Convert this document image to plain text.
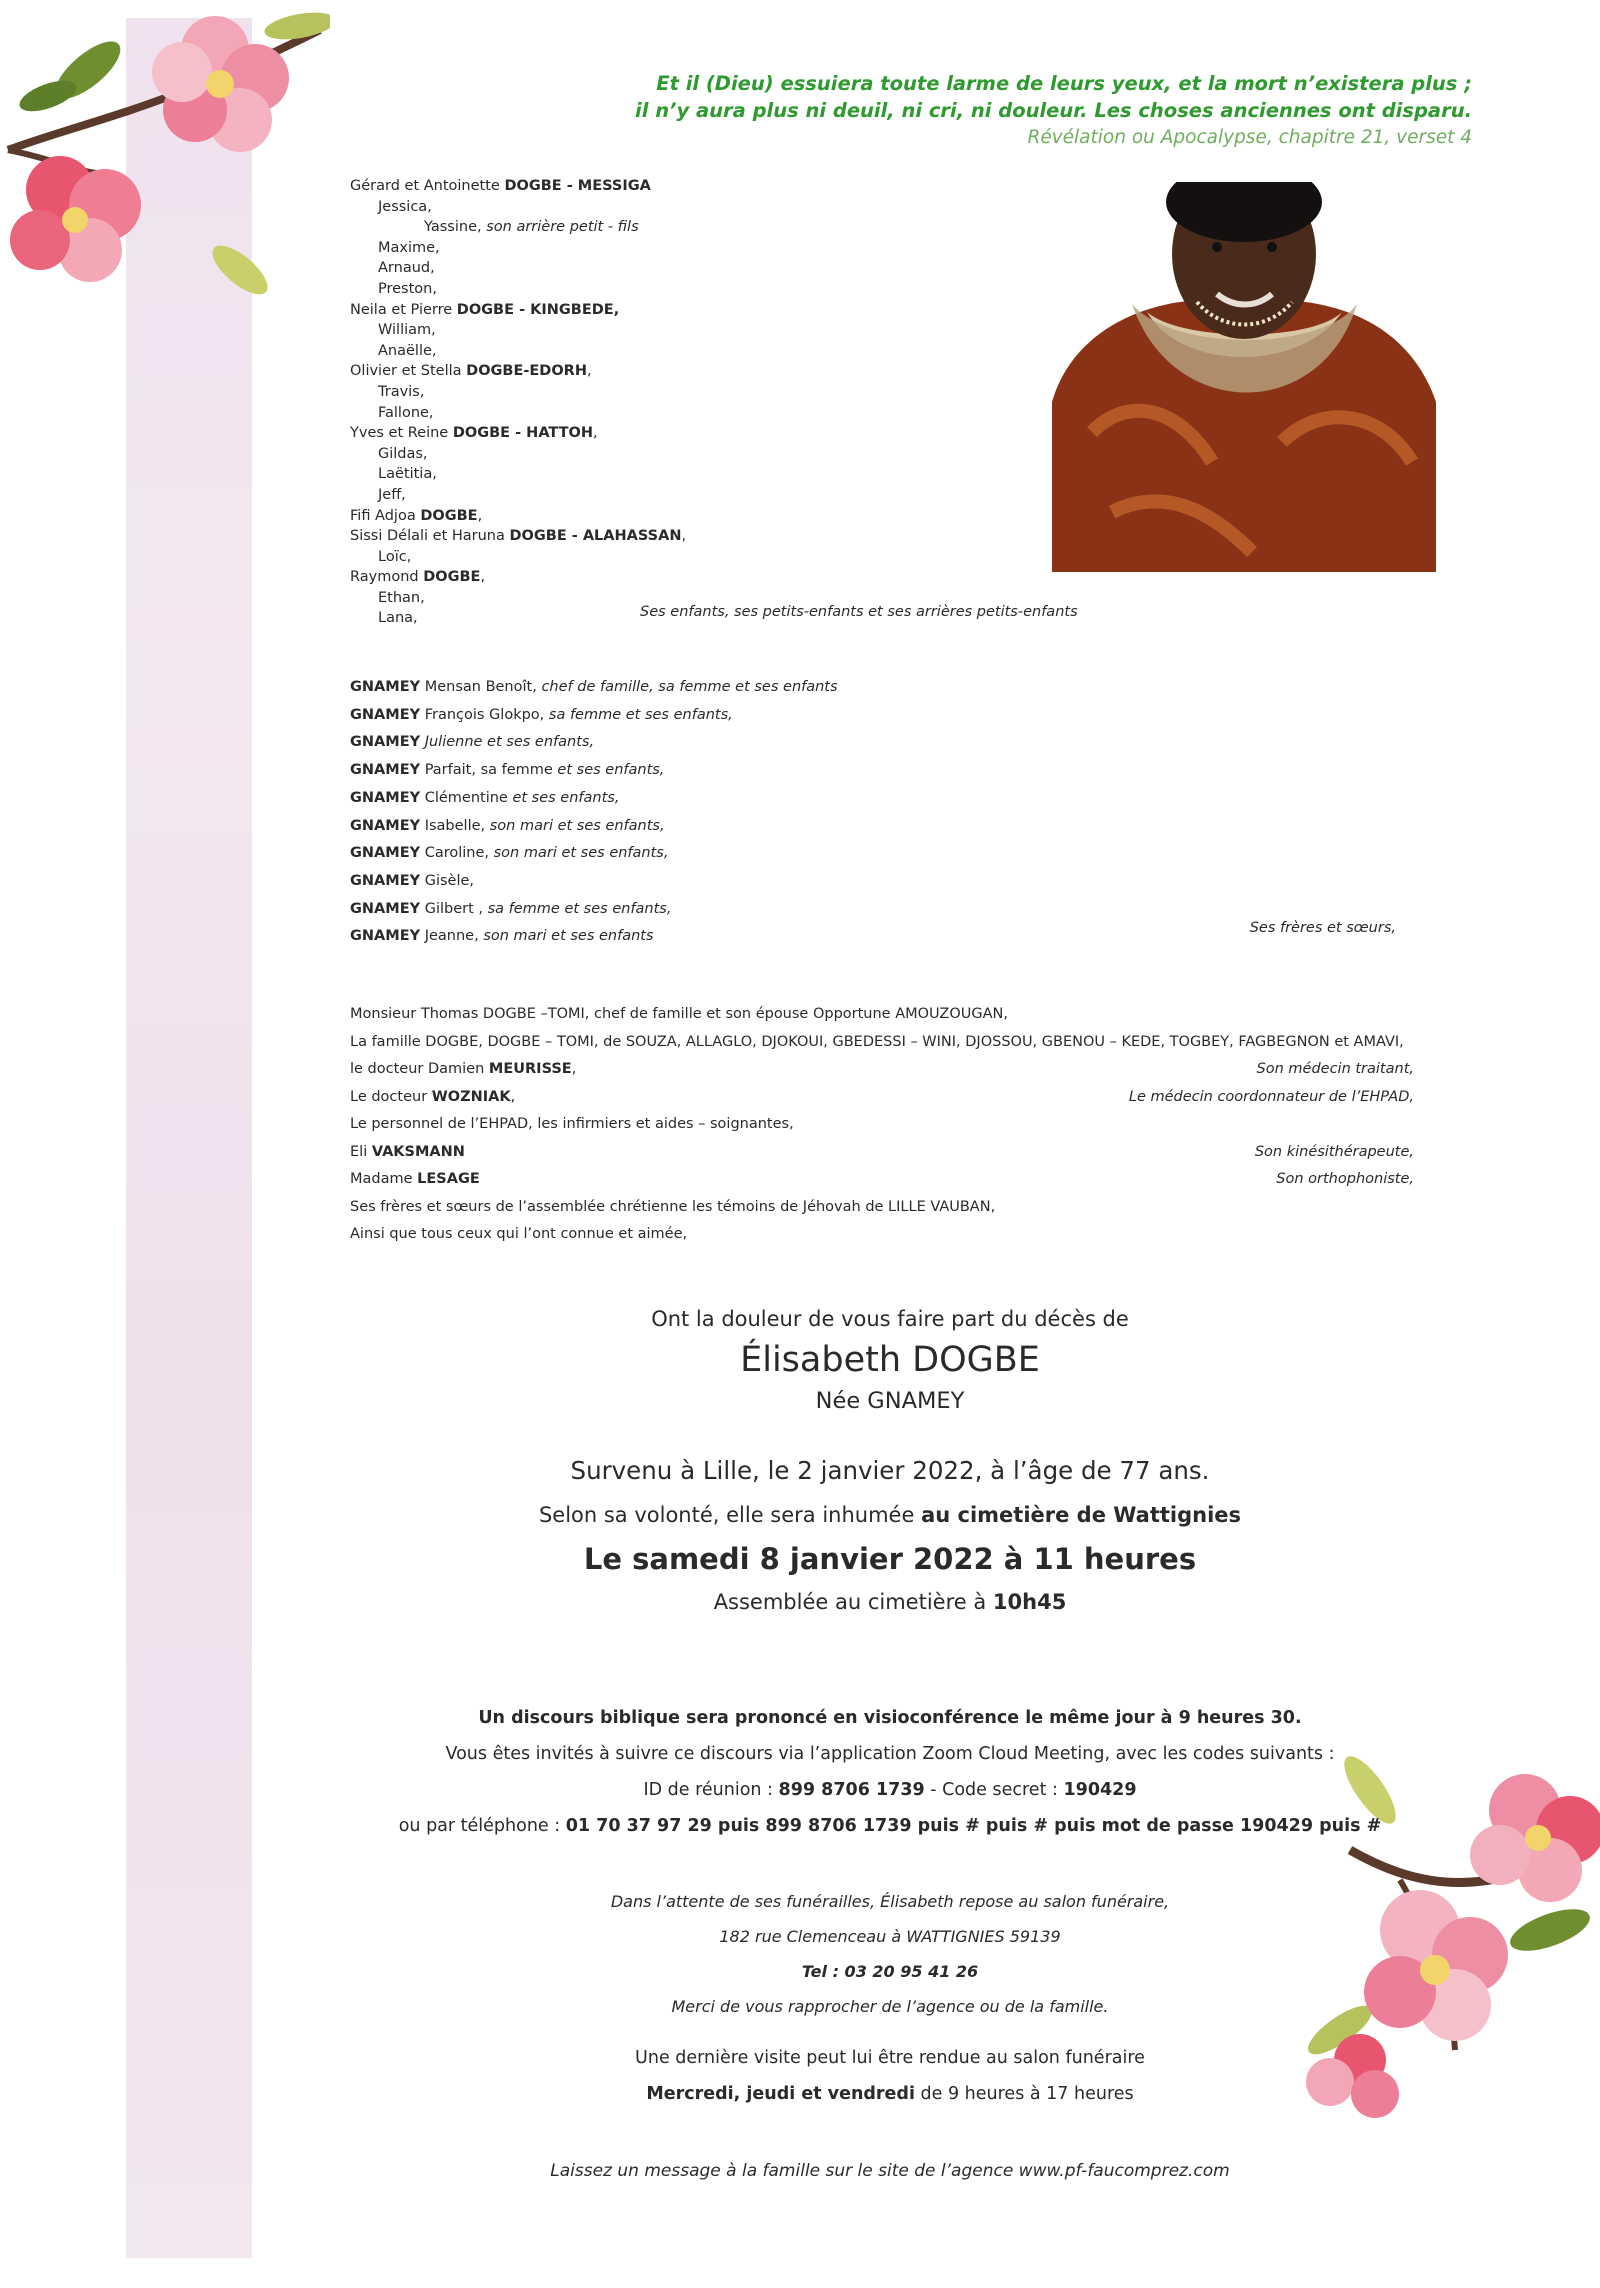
Et il (Dieu) essuiera toute larme de leurs yeux, et la mort n’existera plus ;
il n’y aura plus ni deuil, ni cri, ni douleur. Les choses anciennes ont disparu.
Révélation ou Apocalypse, chapitre 21, verset 4
Gérard et Antoinette DOGBE - MESSIGA
Jessica,
Yassine, son arrière petit - fils
Maxime,
Arnaud,
Preston,
Neila et Pierre DOGBE - KINGBEDE,
William,
Anaëlle,
Olivier et Stella DOGBE-EDORH,
Travis,
Fallone,
Yves et Reine DOGBE - HATTOH,
Gildas,
Laëtitia,
Jeff,
Fifi Adjoa DOGBE,
Sissi Délali et Haruna DOGBE - ALAHASSAN,
Loïc,
Raymond DOGBE,
Ethan,
Lana,	Ses enfants, ses petits-enfants et ses arrières petits-enfants
GNAMEY Mensan Benoît, chef de famille, sa femme et ses enfants
GNAMEY François Glokpo, sa femme et ses enfants,
GNAMEY Julienne et ses enfants,
GNAMEY Parfait, sa femme et ses enfants,
GNAMEY Clémentine et ses enfants,
GNAMEY Isabelle, son mari et ses enfants,
GNAMEY Caroline, son mari et ses enfants,
GNAMEY Gisèle,
GNAMEY Gilbert , sa femme et ses enfants,
GNAMEY Jeanne, son mari et ses enfants
Ses frères et sœurs,
Monsieur Thomas DOGBE –TOMI, chef de famille et son épouse Opportune AMOUZOUGAN,
La famille DOGBE, DOGBE – TOMI, de SOUZA, ALLAGLO, DJOKOUI, GBEDESSI – WINI, DJOSSOU, GBENOU – KEDE, TOGBEY, FAGBEGNON et AMAVI,
le docteur Damien MEURISSE,	Son médecin traitant,
Le docteur WOZNIAK,	Le médecin coordonnateur de l’EHPAD,
Le personnel de l’EHPAD, les infirmiers et aides – soignantes,
Eli VAKSMANN	Son kinésithérapeute,
Madame LESAGE	Son orthophoniste,
Ses frères et sœurs de l’assemblée chrétienne les témoins de Jéhovah de LILLE VAUBAN,
Ainsi que tous ceux qui l’ont connue et aimée,
Ont la douleur de vous faire part du décès de
Élisabeth DOGBE
Née GNAMEY
Survenu à Lille, le 2 janvier 2022, à l’âge de 77 ans.
Selon sa volonté, elle sera inhumée au cimetière de Wattignies
Le samedi 8 janvier 2022 à 11 heures
Assemblée au cimetière à 10h45
Un discours biblique sera prononcé en visioconférence le même jour à 9 heures 30.
Vous êtes invités à suivre ce discours via l’application Zoom Cloud Meeting, avec les codes suivants :
ID de réunion : 899 8706 1739 - Code secret : 190429
ou par téléphone : 01 70 37 97 29 puis 899 8706 1739 puis # puis # puis mot de passe 190429 puis #
Dans l’attente de ses funérailles, Élisabeth repose au salon funéraire,
182 rue Clemenceau à WATTIGNIES 59139
Tel : 03 20 95 41 26
Merci de vous rapprocher de l’agence ou de la famille.
Une dernière visite peut lui être rendue au salon funéraire
Mercredi, jeudi et vendredi de 9 heures à 17 heures
Laissez un message à la famille sur le site de l’agence www.pf-faucomprez.com
